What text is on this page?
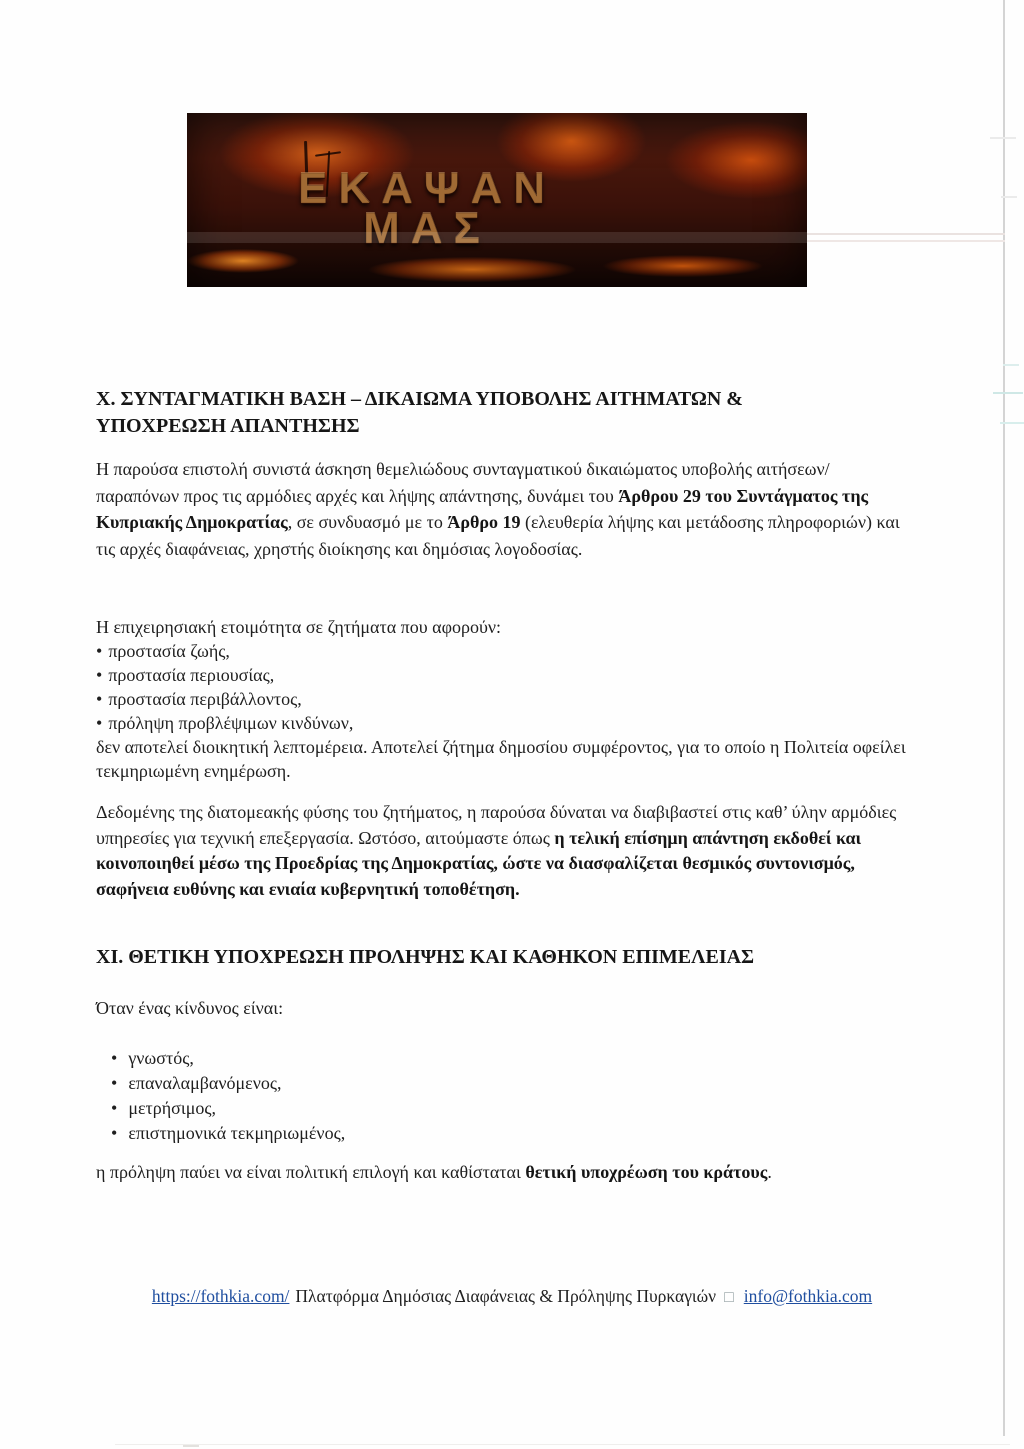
ΕΚΑΨΑΝ
ΜΑΣ
Χ. ΣΥΝΤΑΓΜΑΤΙΚΗ ΒΑΣΗ – ΔΙΚΑΙΩΜΑ ΥΠΟΒΟΛΗΣ ΑΙΤΗΜΑΤΩΝ & ΥΠΟΧΡΕΩΣΗ ΑΠΑΝΤΗΣΗΣ
Η παρούσα επιστολή συνιστά άσκηση θεμελιώδους συνταγματικού δικαιώματος υποβολής αιτήσεων/παραπόνων προς τις αρμόδιες αρχές και λήψης απάντησης, δυνάμει του Άρθρου 29 του Συντάγματος της Κυπριακής Δημοκρατίας, σε συνδυασμό με το Άρθρο 19 (ελευθερία λήψης και μετάδοσης πληροφοριών) και τις αρχές διαφάνειας, χρηστής διοίκησης και δημόσιας λογοδοσίας.
Η επιχειρησιακή ετοιμότητα σε ζητήματα που αφορούν:
• προστασία ζωής,
• προστασία περιουσίας,
• προστασία περιβάλλοντος,
• πρόληψη προβλέψιμων κινδύνων,
δεν αποτελεί διοικητική λεπτομέρεια. Αποτελεί ζήτημα δημοσίου συμφέροντος, για το οποίο η Πολιτεία οφείλει τεκμηριωμένη ενημέρωση.
Δεδομένης της διατομεακής φύσης του ζητήματος, η παρούσα δύναται να διαβιβαστεί στις καθ’ ύλην αρμόδιες υπηρεσίες για τεχνική επεξεργασία. Ωστόσο, αιτούμαστε όπως η τελική επίσημη απάντηση εκδοθεί και κοινοποιηθεί μέσω της Προεδρίας της Δημοκρατίας, ώστε να διασφαλίζεται θεσμικός συντονισμός, σαφήνεια ευθύνης και ενιαία κυβερνητική τοποθέτηση.
ΧΙ. ΘΕΤΙΚΗ ΥΠΟΧΡΕΩΣΗ ΠΡΟΛΗΨΗΣ ΚΑΙ ΚΑΘΗΚΟΝ ΕΠΙΜΕΛΕΙΑΣ
Όταν ένας κίνδυνος είναι:
• γνωστός,
• επαναλαμβανόμενος,
• μετρήσιμος,
• επιστημονικά τεκμηριωμένος,
η πρόληψη παύει να είναι πολιτική επιλογή και καθίσταται θετική υποχρέωση του κράτους.
https://fothkia.com/ Πλατφόρμα Δημόσιας Διαφάνειας & Πρόληψης Πυρκαγιών □ info@fothkia.com
